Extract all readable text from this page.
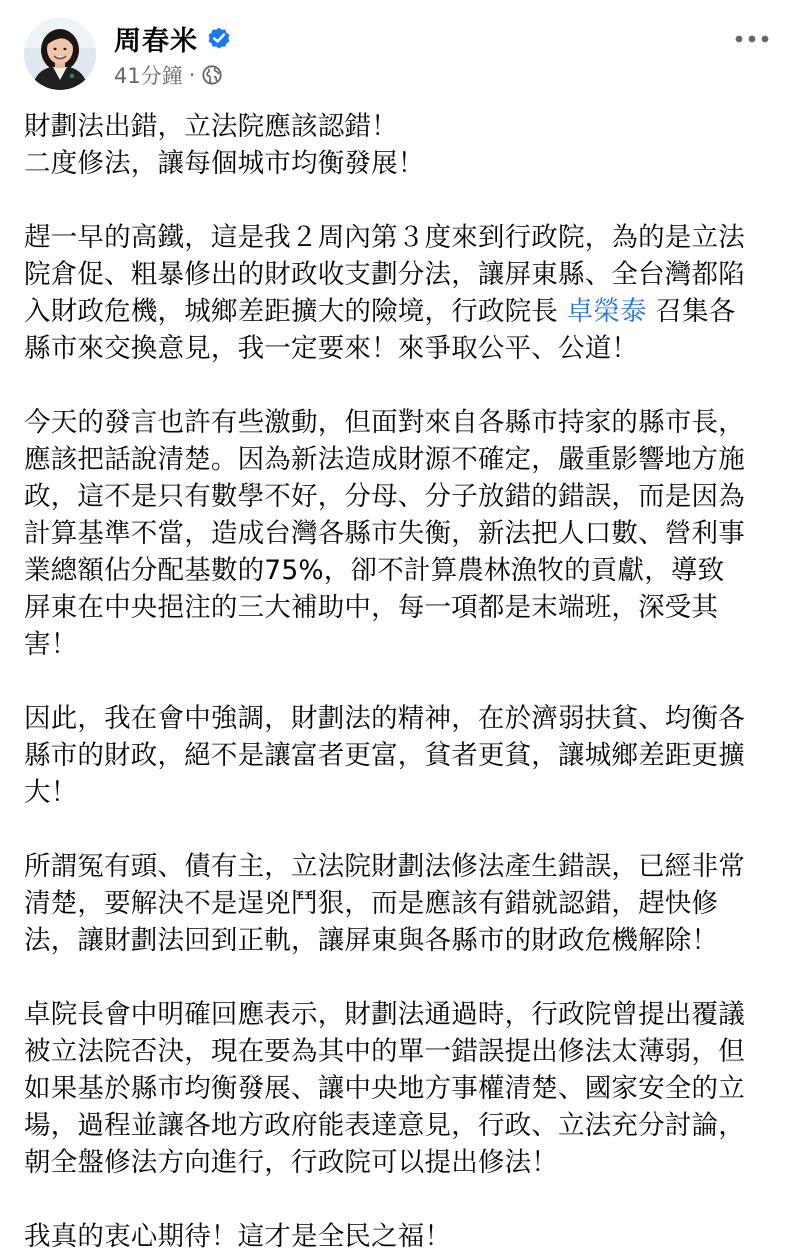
周春米
41分鐘 ·
財劃法出錯，立法院應該認錯！
二度修法，讓每個城市均衡發展！
趕一早的高鐵，這是我２周內第３度來到行政院，為的是立法
院倉促、粗暴修出的財政收支劃分法，讓屏東縣、全台灣都陷
入財政危機，城鄉差距擴大的險境，行政院長 卓榮泰 召集各
縣市來交換意見，我一定要來！來爭取公平、公道！
今天的發言也許有些激動，但面對來自各縣市持家的縣市長，
應該把話說清楚。因為新法造成財源不確定，嚴重影響地方施
政，這不是只有數學不好，分母、分子放錯的錯誤，而是因為
計算基準不當，造成台灣各縣市失衡，新法把人口數、營利事
業總額佔分配基數的75%，卻不計算農林漁牧的貢獻，導致
屏東在中央挹注的三大補助中，每一項都是末端班，深受其
害！
因此，我在會中強調，財劃法的精神，在於濟弱扶貧、均衡各
縣市的財政，絕不是讓富者更富，貧者更貧，讓城鄉差距更擴
大！
所謂冤有頭、債有主，立法院財劃法修法產生錯誤，已經非常
清楚，要解決不是逞兇鬥狠，而是應該有錯就認錯，趕快修
法，讓財劃法回到正軌，讓屏東與各縣市的財政危機解除！
卓院長會中明確回應表示，財劃法通過時，行政院曾提出覆議
被立法院否決，現在要為其中的單一錯誤提出修法太薄弱，但
如果基於縣市均衡發展、讓中央地方事權清楚、國家安全的立
場，過程並讓各地方政府能表達意見，行政、立法充分討論，
朝全盤修法方向進行，行政院可以提出修法！
我真的衷心期待！這才是全民之福！
